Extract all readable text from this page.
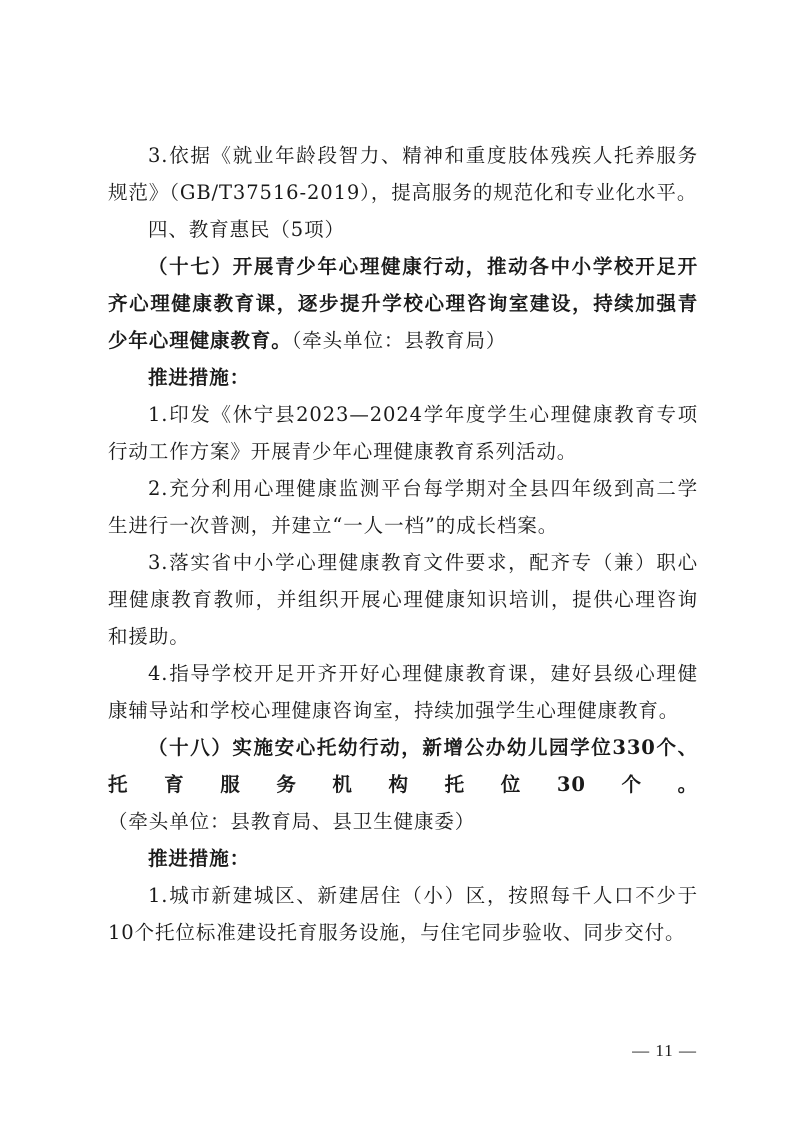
3.依据《就业年龄段智力、精神和重度肢体残疾人托养服务规范》（GB/T37516-2019），提高服务的规范化和专业化水平。

四、教育惠民（5项）

（十七）开展青少年心理健康行动，推动各中小学校开足开齐心理健康教育课，逐步提升学校心理咨询室建设，持续加强青少年心理健康教育。（牵头单位：县教育局）

推进措施：

1.印发《休宁县2023—2024学年度学生心理健康教育专项行动工作方案》开展青少年心理健康教育系列活动。

2.充分利用心理健康监测平台每学期对全县四年级到高二学生进行一次普测，并建立“一人一档”的成长档案。

3.落实省中小学心理健康教育文件要求，配齐专（兼）职心理健康教育教师，并组织开展心理健康知识培训，提供心理咨询和援助。

4.指导学校开足开齐开好心理健康教育课，建好县级心理健康辅导站和学校心理健康咨询室，持续加强学生心理健康教育。

（十八）实施安心托幼行动，新增公办幼儿园学位330个、托育服务机构托位30个。（牵头单位：县教育局、县卫生健康委）

推进措施：

1.城市新建城区、新建居住（小）区，按照每千人口不少于10个托位标准建设托育服务设施，与住宅同步验收、同步交付。

— 11 —
